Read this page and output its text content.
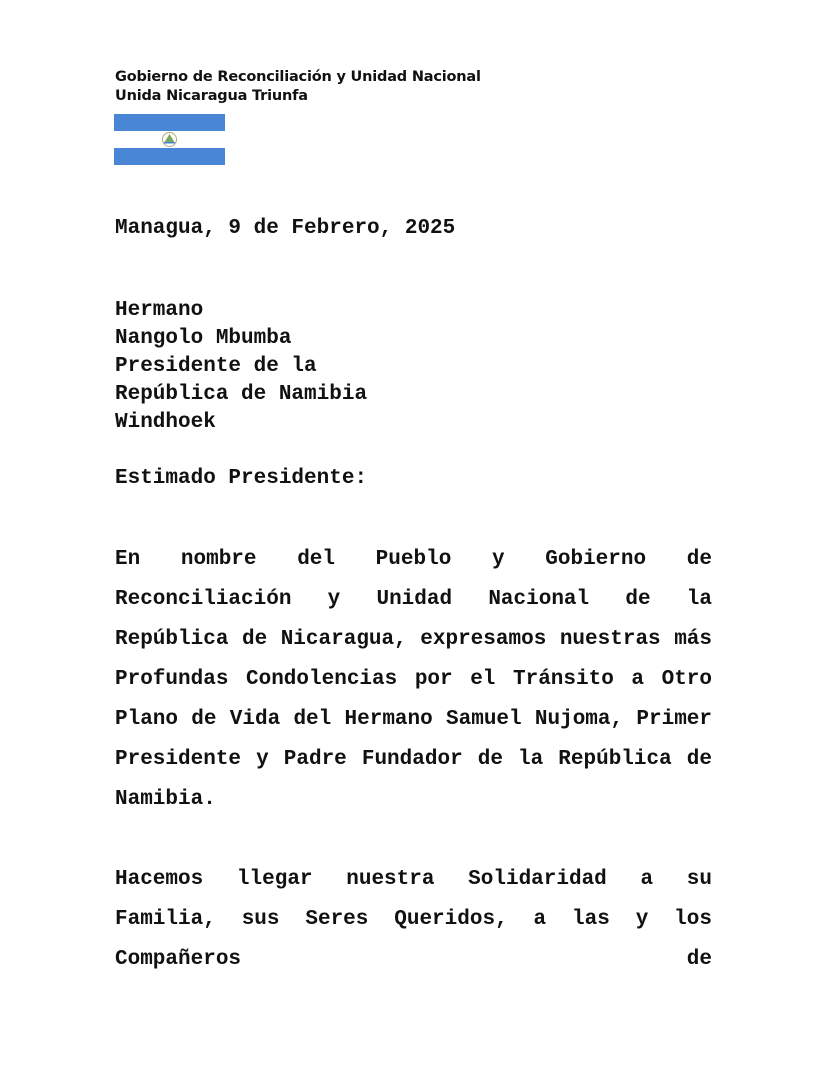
Gobierno de Reconciliación y Unidad Nacional
Unida Nicaragua Triunfa
Managua, 9 de Febrero, 2025
Hermano
Nangolo Mbumba
Presidente de la
República de Namibia
Windhoek
Estimado Presidente:
En nombre del Pueblo y Gobierno de Reconciliación y Unidad Nacional de la República de Nicaragua, expresamos nuestras más Profundas Condolencias por el Tránsito a Otro Plano de Vida del Hermano Samuel Nujoma, Primer Presidente y Padre Fundador de la República de Namibia.
Hacemos llegar nuestra Solidaridad a su Familia, sus Seres Queridos, a las y los Compañeros de
